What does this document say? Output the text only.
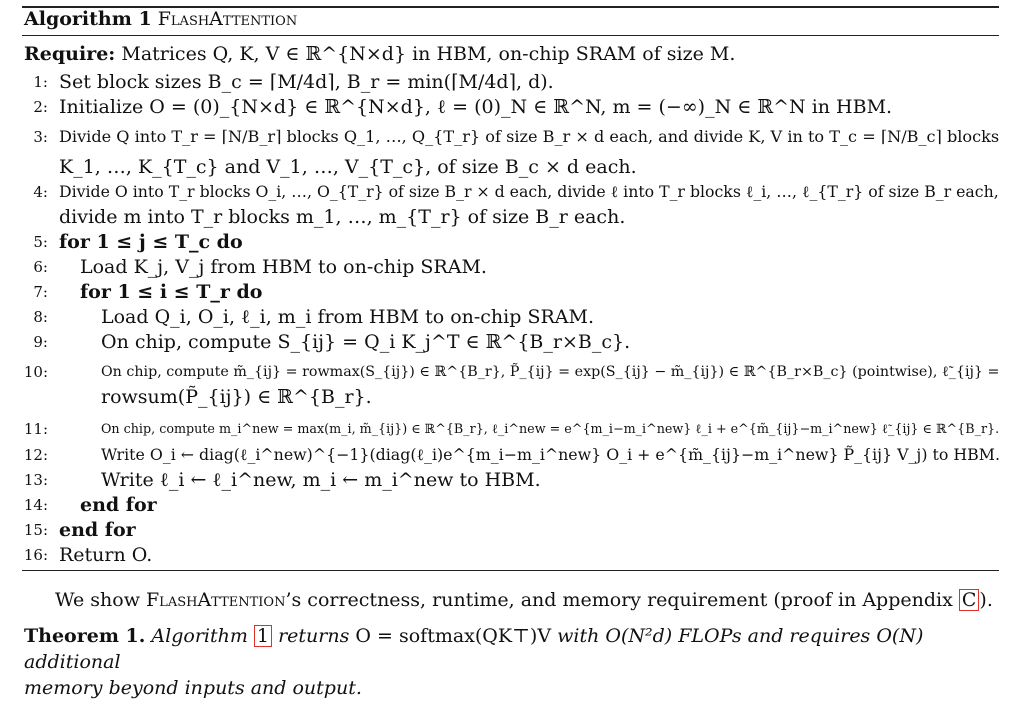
Algorithm 1 FlashAttention
Require: Matrices Q, K, V ∈ ℝ^{N×d} in HBM, on-chip SRAM of size M.
1: Set block sizes B_c = ⌈M/4d⌉, B_r = min(⌈M/4d⌉, d).
2: Initialize O = (0)_{N×d} ∈ ℝ^{N×d}, ℓ = (0)_N ∈ ℝ^N, m = (−∞)_N ∈ ℝ^N in HBM.
3: Divide Q into T_r = ⌈N/B_r⌉ blocks Q_1, …, Q_{T_r} of size B_r × d each, and divide K, V in to T_c = ⌈N/B_c⌉ blocks
K_1, …, K_{T_c} and V_1, …, V_{T_c}, of size B_c × d each.
4: Divide O into T_r blocks O_i, …, O_{T_r} of size B_r × d each, divide ℓ into T_r blocks ℓ_i, …, ℓ_{T_r} of size B_r each,
divide m into T_r blocks m_1, …, m_{T_r} of size B_r each.
5: for 1 ≤ j ≤ T_c do
6: Load K_j, V_j from HBM to on-chip SRAM.
7: for 1 ≤ i ≤ T_r do
8:	Load Q_i, O_i, ℓ_i, m_i from HBM to on-chip SRAM.
9:	On chip, compute S_{ij} = Q_i K_j^T ∈ ℝ^{B_r×B_c}.
10:	On chip, compute m̃_{ij} = rowmax(S_{ij}) ∈ ℝ^{B_r}, P̃_{ij} = exp(S_{ij} − m̃_{ij}) ∈ ℝ^{B_r×B_c} (pointwise), ℓ̃_{ij} =
rowsum(P̃_{ij}) ∈ ℝ^{B_r}.
11:	On chip, compute m_i^new = max(m_i, m̃_{ij}) ∈ ℝ^{B_r}, ℓ_i^new = e^{m_i−m_i^new} ℓ_i + e^{m̃_{ij}−m_i^new} ℓ̃_{ij} ∈ ℝ^{B_r}.
12:	Write O_i ← diag(ℓ_i^new)^{−1}(diag(ℓ_i)e^{m_i−m_i^new} O_i + e^{m̃_{ij}−m_i^new} P̃_{ij} V_j) to HBM.
13:	Write ℓ_i ← ℓ_i^new, m_i ← m_i^new to HBM.
14: end for
15: end for
16: Return O.
We show FlashAttention’s correctness, runtime, and memory requirement (proof in Appendix C ).
Theorem 1. Algorithm 1 returns O = softmax(QK⊤)V with O(N²d) FLOPs and requires O(N) additional
memory beyond inputs and output.
